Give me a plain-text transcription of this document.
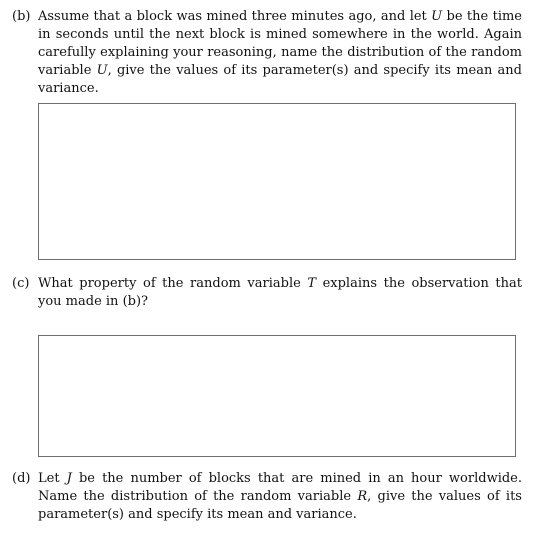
(b) Assume that a block was mined three minutes ago, and let U be the time in seconds until the next block is mined somewhere in the world. Again carefully explaining your reasoning, name the distribution of the random variable U, give the values of its parameter(s) and specify its mean and variance.
(c) What property of the random variable T explains the observation that you made in (b)?
(d) Let J be the number of blocks that are mined in an hour worldwide. Name the distribution of the random variable R, give the values of its parameter(s) and specify its mean and variance.
